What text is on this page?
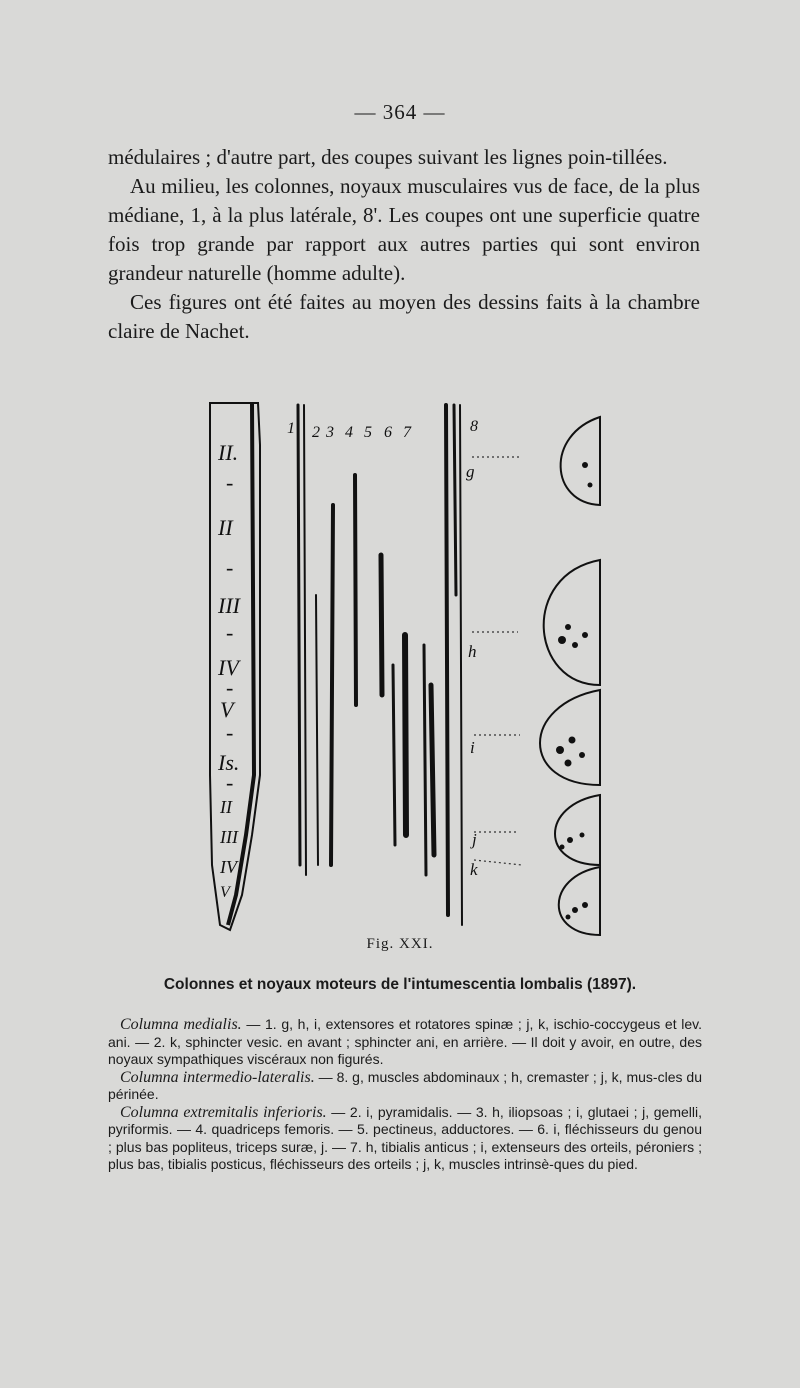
— 364 —

médulaires ; d'autre part, des coupes suivant les lignes poin-tillées.

Au milieu, les colonnes, noyaux musculaires vus de face, de la plus médiane, 1, à la plus latérale, 8'. Les coupes ont une superficie quatre fois trop grande par rapport aux autres parties qui sont environ grandeur naturelle (homme adulte).

Ces figures ont été faites au moyen des dessins faits à la chambre claire de Nachet.

II.
-
II
-
III
-
IV
-
V
-
Is.
-
II
III
IV
V
1 2 3 4 5 6 7	8
g
h
i
j
k
Fig. XXI.
Colonnes et noyaux moteurs de l'intumescentia lombalis (1897).

Columna medialis. — 1. g, h, i, extensores et rotatores spinæ ; j, k, ischio-coccygeus et lev. ani. — 2. k, sphincter vesic. en avant ; sphincter ani, en arrière. — Il doit y avoir, en outre, des noyaux sympathiques viscéraux non figurés.

Columna intermedio-lateralis. — 8. g, muscles abdominaux ; h, cremaster ; j, k, mus-cles du périnée.

Columna extremitalis inferioris. — 2. i, pyramidalis. — 3. h, iliopsoas ; i, glutaei ; j, gemelli, pyriformis. — 4. quadriceps femoris. — 5. pectineus, adductores. — 6. i, fléchisseurs du genou ; plus bas popliteus, triceps suræ, j. — 7. h, tibialis anticus ; i, extenseurs des orteils, péroniers ; plus bas, tibialis posticus, fléchisseurs des orteils ; j, k, muscles intrinsè-ques du pied.
